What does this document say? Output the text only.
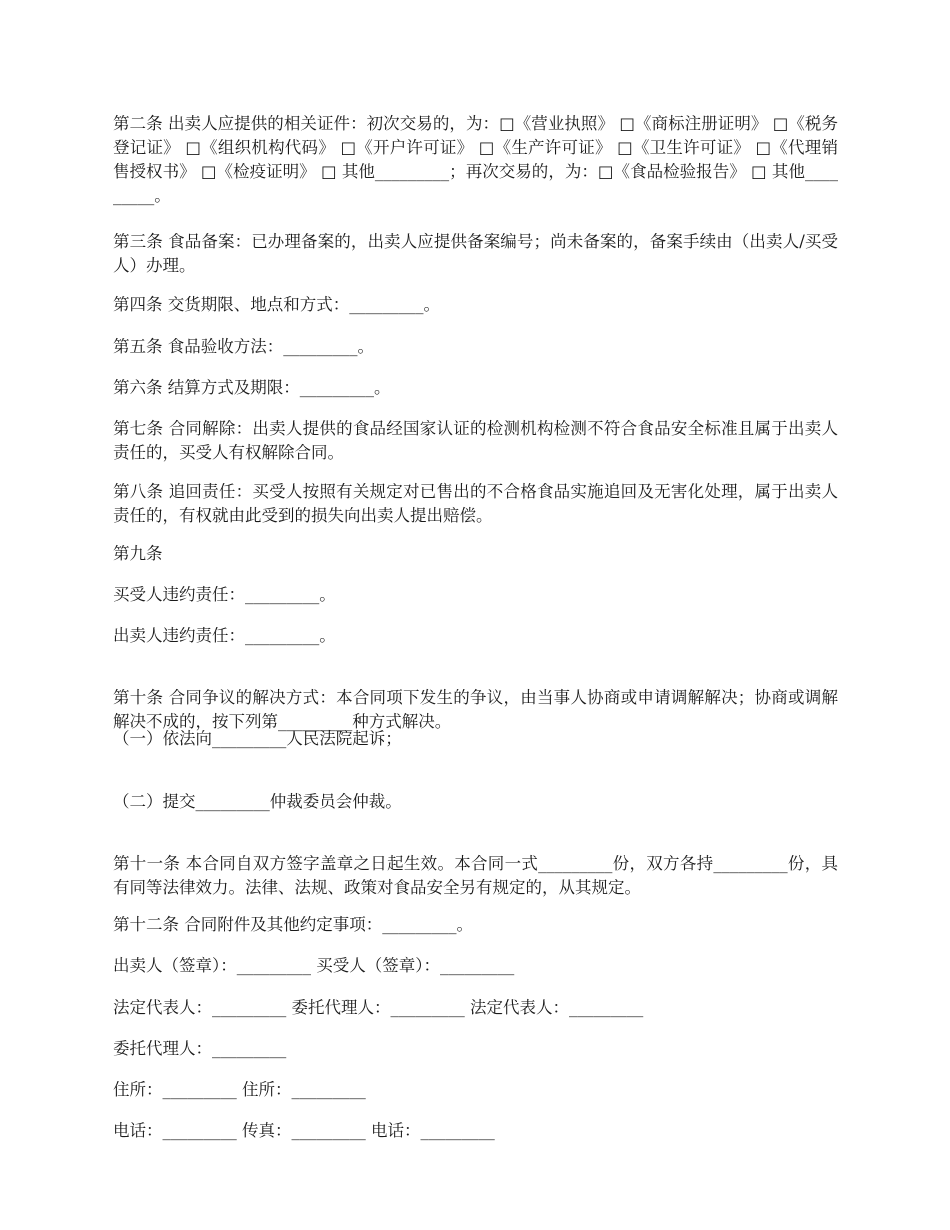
第二条 出卖人应提供的相关证件：初次交易的，为：□《营业执照》 □《商标注册证明》 □《税务登记证》 □《组织机构代码》 □《开户许可证》 □《生产许可证》 □《卫生许可证》 □《代理销售授权书》 □《检疫证明》 □ 其他_________；再次交易的，为：□《食品检验报告》 □ 其他_________。

第三条 食品备案：已办理备案的，出卖人应提供备案编号；尚未备案的，备案手续由（出卖人/买受人）办理。

第四条 交货期限、地点和方式：_________。

第五条 食品验收方法：_________。

第六条 结算方式及期限：_________。

第七条 合同解除：出卖人提供的食品经国家认证的检测机构检测不符合食品安全标准且属于出卖人责任的，买受人有权解除合同。

第八条 追回责任：买受人按照有关规定对已售出的不合格食品实施追回及无害化处理，属于出卖人责任的，有权就由此受到的损失向出卖人提出赔偿。

第九条

买受人违约责任：_________。

出卖人违约责任：_________。

第十条 合同争议的解决方式：本合同项下发生的争议，由当事人协商或申请调解解决；协商或调解解决不成的，按下列第_________种方式解决。

（一）依法向_________人民法院起诉；

（二）提交_________仲裁委员会仲裁。

第十一条 本合同自双方签字盖章之日起生效。本合同一式_________份，双方各持_________份，具有同等法律效力。法律、法规、政策对食品安全另有规定的，从其规定。

第十二条 合同附件及其他约定事项：_________。

出卖人（签章）：_________ 买受人（签章）：_________

法定代表人：_________ 委托代理人：_________ 法定代表人：_________

委托代理人：_________

住所：_________ 住所：_________

电话：_________ 传真：_________ 电话：_________
